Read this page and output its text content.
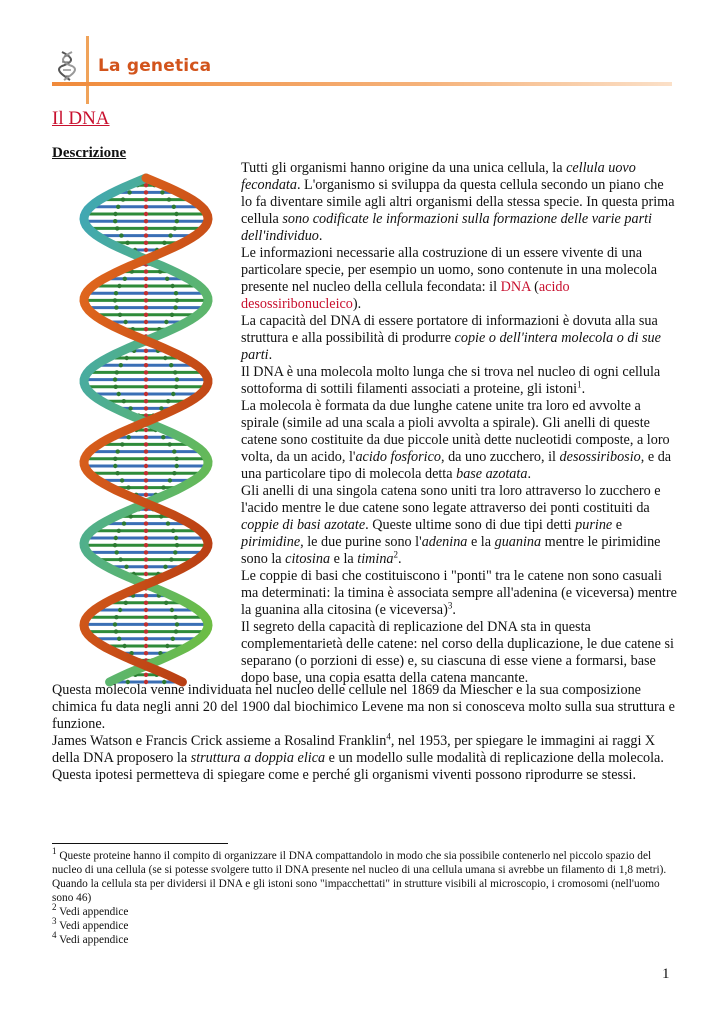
La genetica
Il DNA
Descrizione

Tutti gli organismi hanno origine da una unica cellula, la cellula uovo fecondata. L'organismo si sviluppa da questa cellula secondo un piano che lo fa diventare simile agli altri organismi della stessa specie. In questa prima cellula sono codificate le informazioni sulla formazione delle varie parti dell'individuo.

Le informazioni necessarie alla costruzione di un essere vivente di una particolare specie, per esempio un uomo, sono contenute in una molecola presente nel nucleo della cellula fecondata: il DNA (acido desossiribonucleico).

La capacità del DNA di essere portatore di informazioni è dovuta alla sua struttura e alla possibilità di produrre copie o dell'intera molecola o di sue parti.

Il DNA è una molecola molto lunga che si trova nel nucleo di ogni cellula sottoforma di sottili filamenti associati a proteine, gli istoni$^1$.

La molecola è formata da due lunghe catene unite tra loro ed avvolte a spirale (simile ad una scala a pioli avvolta a spirale). Gli anelli di queste catene sono costituite da due piccole unità dette nucleotidi composte, a loro volta, da un acido, l'acido fosforico, da uno zucchero, il desossiribosio, e da una particolare tipo di molecola detta base azotata.

Gli anelli di una singola catena sono uniti tra loro attraverso lo zucchero e l'acido mentre le due catene sono legate attraverso dei ponti costituiti da coppie di basi azotate. Queste ultime sono di due tipi detti purine e pirimidine, le due purine sono l'adenina e la guanina mentre le pirimidine sono la citosina e la timina$^2$.

Le coppie di basi che costituiscono i "ponti" tra le catene non sono casuali ma determinati: la timina è associata sempre all'adenina (e viceversa) mentre la guanina alla citosina (e viceversa)$^3$.

Il segreto della capacità di replicazione del DNA sta in questa complementarietà delle catene: nel corso della duplicazione, le due catene si separano (o porzioni di esse) e, su ciascuna di esse viene a formarsi, base dopo base, una copia esatta della catena mancante.

Questa molecola venne individuata nel nucleo delle cellule nel 1869 da Miescher e la sua composizione chimica fu data negli anni 20 del 1900 dal biochimico Levene ma non si conosceva molto sulla sua struttura e funzione.

James Watson e Francis Crick assieme a Rosalind Franklin$^4$, nel 1953, per spiegare le immagini ai raggi X della DNA proposero la struttura a doppia elica e un modello sulle modalità di replicazione della molecola. Questa ipotesi permetteva di spiegare come e perché gli organismi viventi possono riprodurre se stessi.

$^1$ Queste proteine hanno il compito di organizzare il DNA compattandolo in modo che sia possibile contenerlo nel piccolo spazio del nucleo di una cellula (se si potesse svolgere tutto il DNA presente nel nucleo di una cellula umana si avrebbe un filamento di 1,8 metri).

Quando la cellula sta per dividersi il DNA e gli istoni sono "impacchettati" in strutture visibili al microscopio, i cromosomi (nell'uomo sono 46)

$^2$ Vedi appendice

$^3$ Vedi appendice

$^4$ Vedi appendice

1
